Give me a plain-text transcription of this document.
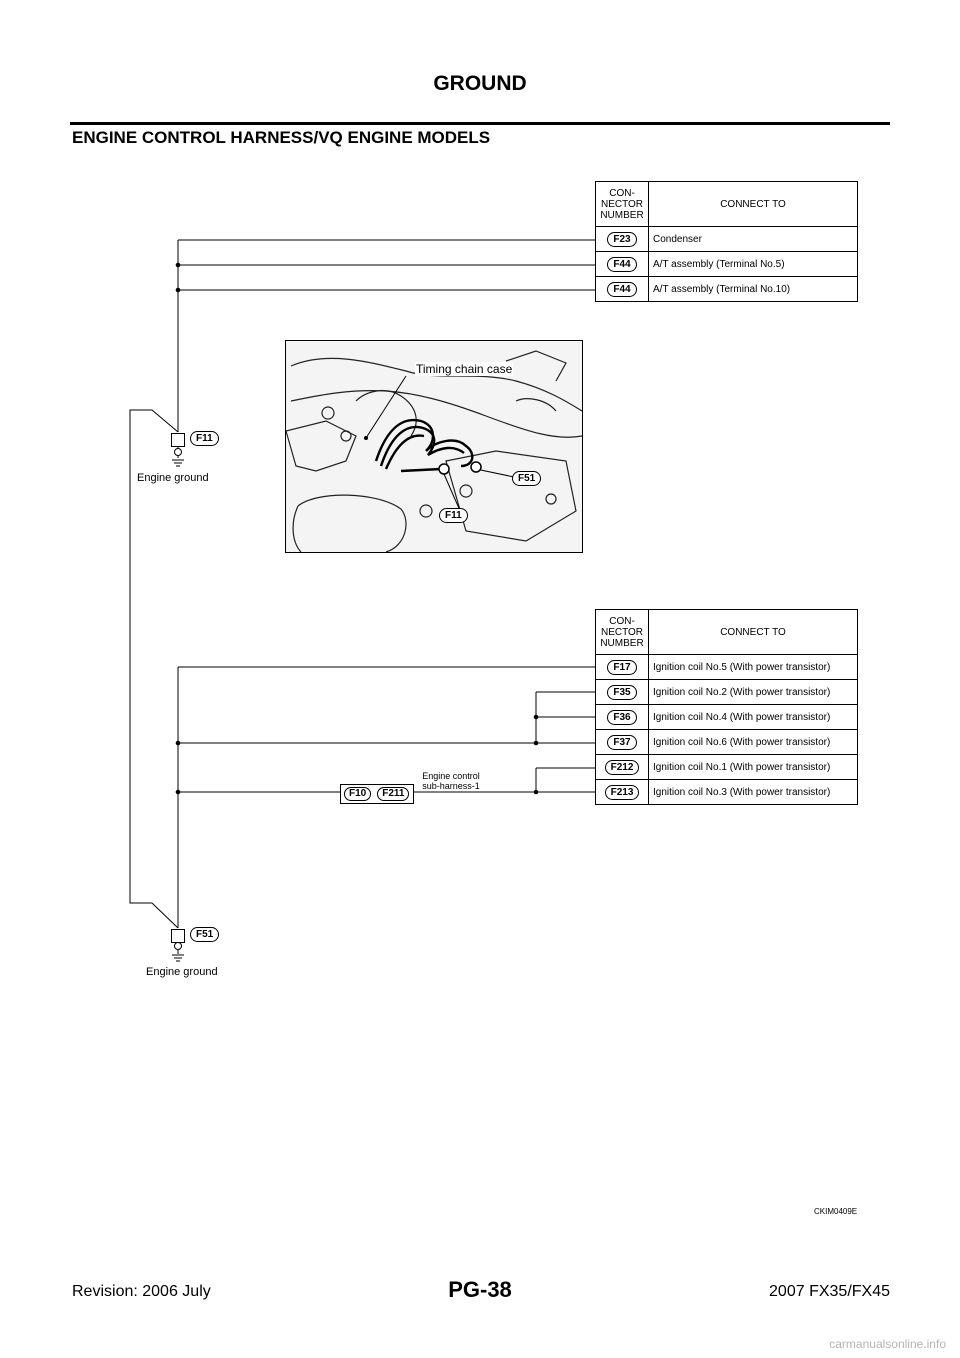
GROUND
ENGINE CONTROL HARNESS/VQ ENGINE MODELS
CON-
NECTOR
NUMBER	CONNECT TO
F23	Condenser
F44	A/T assembly (Terminal No.5)
F44	A/T assembly (Terminal No.10)
CON-
NECTOR
NUMBER	CONNECT TO
F17	Ignition coil No.5 (With power transistor)
F35	Ignition coil No.2 (With power transistor)
F36	Ignition coil No.4 (With power transistor)
F37	Ignition coil No.6 (With power transistor)
F212	Ignition coil No.1 (With power transistor)
F213	Ignition coil No.3 (With power transistor)
F11
Engine ground
F51
Engine ground
F10 F211
Engine control
sub-harness-1
Timing chain case
F51
F11
CKIM0409E
Revision: 2006 July	PG-38	2007 FX35/FX45
carmanualsonline.info
